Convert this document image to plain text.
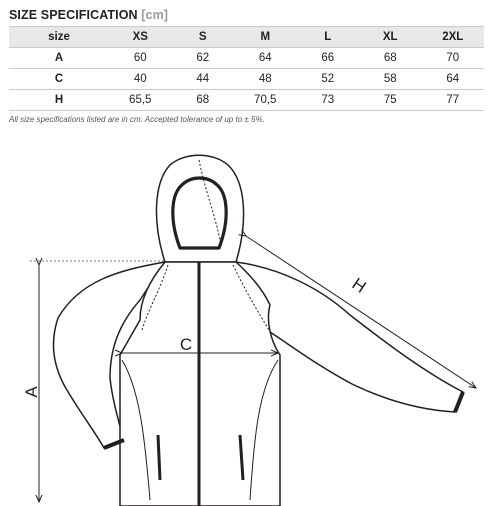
SIZE SPECIFICATION [cm]
size	XS	S	M	L	XL	2XL
A	60	62	64	66	68	70
C	40	44	48	52	58	64
H	65,5	68	70,5	73	75	77
All size specifications listed are in cm. Accepted tolerance of up to ± 5%.
A
C
H
